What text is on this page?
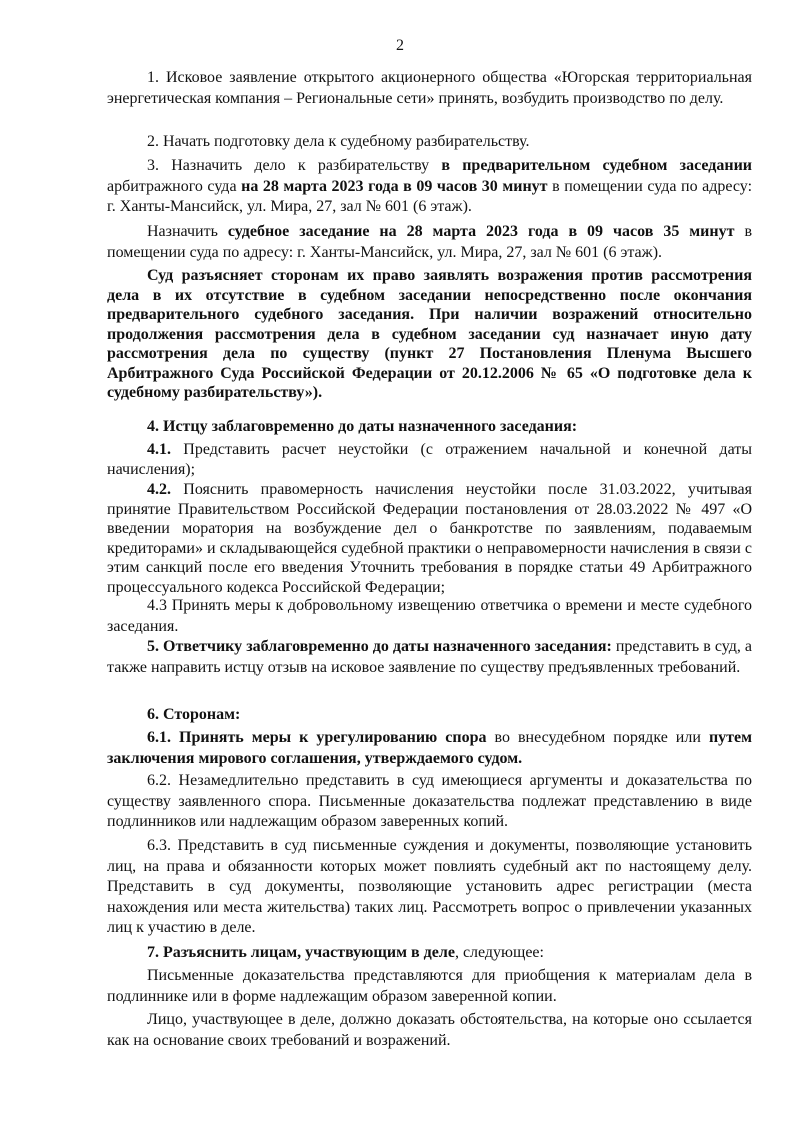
2

1. Исковое заявление открытого акционерного общества «Югорская территориальная энергетическая компания – Региональные сети» принять, возбудить производство по делу.

2. Начать подготовку дела к судебному разбирательству.

3. Назначить дело к разбирательству в предварительном судебном заседании арбитражного суда на 28 марта 2023 года в 09 часов 30 минут в помещении суда по адресу: г. Ханты-Мансийск, ул. Мира, 27, зал № 601 (6 этаж).

Назначить судебное заседание на 28 марта 2023 года в 09 часов 35 минут в помещении суда по адресу: г. Ханты-Мансийск, ул. Мира, 27, зал № 601 (6 этаж).

Суд разъясняет сторонам их право заявлять возражения против рассмотрения дела в их отсутствие в судебном заседании непосредственно после окончания предварительного судебного заседания. При наличии возражений относительно продолжения рассмотрения дела в судебном заседании суд назначает иную дату рассмотрения дела по существу (пункт 27 Постановления Пленума Высшего Арбитражного Суда Российской Федерации от 20.12.2006 № 65 «О подготовке дела к судебному разбирательству»).

4. Истцу заблаговременно до даты назначенного заседания:

4.1. Представить расчет неустойки (с отражением начальной и конечной даты начисления);

4.2. Пояснить правомерность начисления неустойки после 31.03.2022, учитывая принятие Правительством Российской Федерации постановления от 28.03.2022 № 497 «О введении моратория на возбуждение дел о банкротстве по заявлениям, подаваемым кредиторами» и складывающейся судебной практики о неправомерности начисления в связи с этим санкций после его введения Уточнить требования в порядке статьи 49 Арбитражного процессуального кодекса Российской Федерации;

4.3 Принять меры к добровольному извещению ответчика о времени и месте судебного заседания.

5. Ответчику заблаговременно до даты назначенного заседания: представить в суд, а также направить истцу отзыв на исковое заявление по существу предъявленных требований.

6. Сторонам:

6.1. Принять меры к урегулированию спора во внесудебном порядке или путем заключения мирового соглашения, утверждаемого судом.

6.2. Незамедлительно представить в суд имеющиеся аргументы и доказательства по существу заявленного спора. Письменные доказательства подлежат представлению в виде подлинников или надлежащим образом заверенных копий.

6.3. Представить в суд письменные суждения и документы, позволяющие установить лиц, на права и обязанности которых может повлиять судебный акт по настоящему делу. Представить в суд документы, позволяющие установить адрес регистрации (места нахождения или места жительства) таких лиц. Рассмотреть вопрос о привлечении указанных лиц к участию в деле.

7. Разъяснить лицам, участвующим в деле, следующее:

Письменные доказательства представляются для приобщения к материалам дела в подлиннике или в форме надлежащим образом заверенной копии.

Лицо, участвующее в деле, должно доказать обстоятельства, на которые оно ссылается как на основание своих требований и возражений.
